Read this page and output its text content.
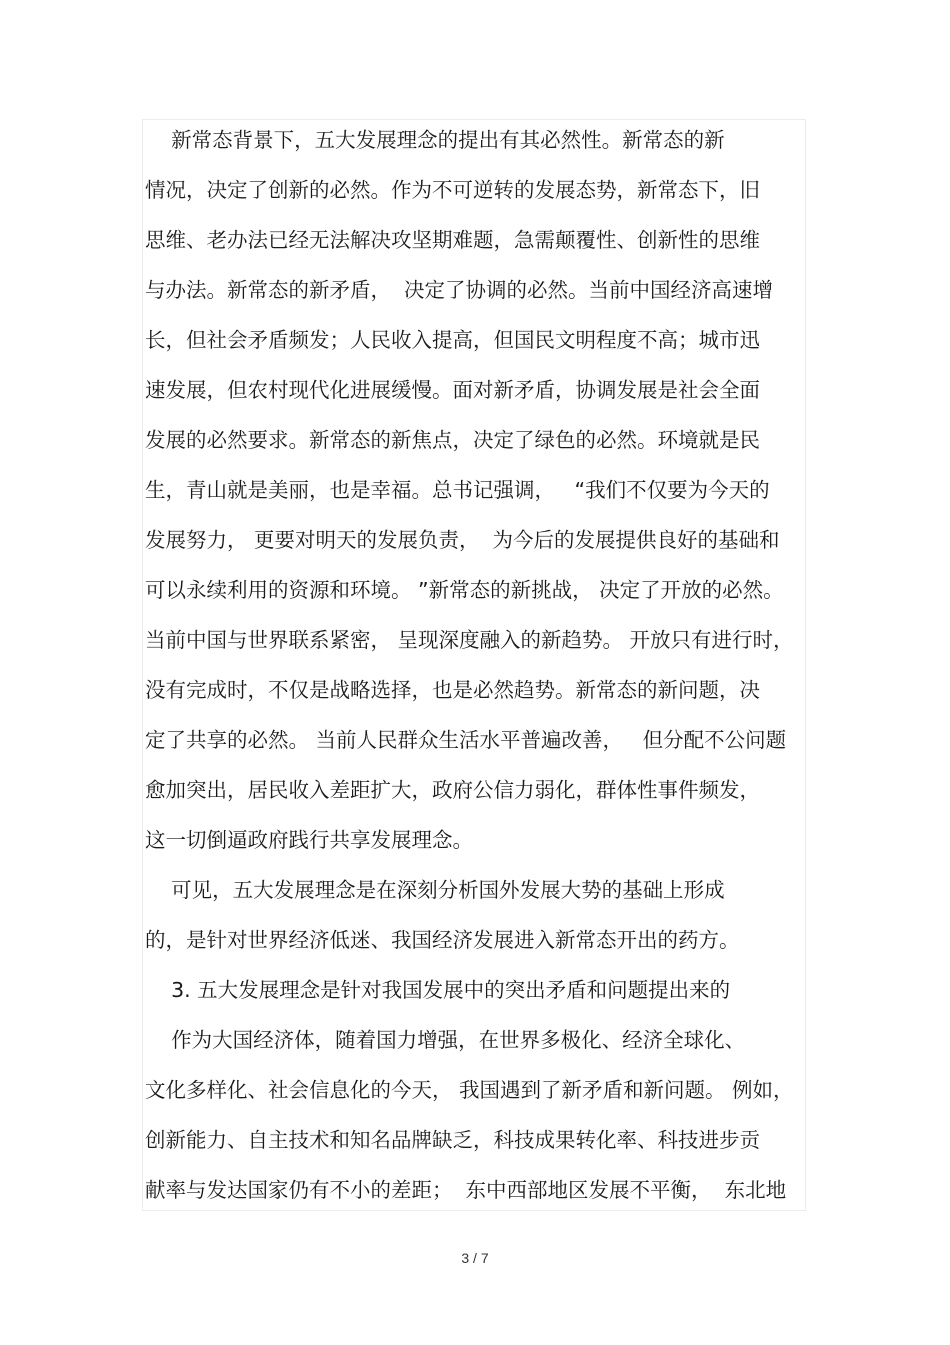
新常态背景下，五大发展理念的提出有其必然性。新常态的新
情况，决定了创新的必然。作为不可逆转的发展态势，新常态下，旧
思维、老办法已经无法解决攻坚期难题，急需颠覆性、创新性的思维
与办法。新常态的新矛盾，  决定了协调的必然。当前中国经济高速增
长，但社会矛盾频发；人民收入提高，但国民文明程度不高；城市迅
速发展，但农村现代化进展缓慢。面对新矛盾，协调发展是社会全面
发展的必然要求。新常态的新焦点，决定了绿色的必然。环境就是民
生，青山就是美丽，也是幸福。总书记强调，   “我们不仅要为今天的
发展努力， 更要对明天的发展负责，  为今后的发展提供良好的基础和
可以永续利用的资源和环境。 ”新常态的新挑战， 决定了开放的必然。
当前中国与世界联系紧密， 呈现深度融入的新趋势。 开放只有进行时，
没有完成时，不仅是战略选择，也是必然趋势。新常态的新问题，决
定了共享的必然。 当前人民群众生活水平普遍改善，   但分配不公问题
愈加突出，居民收入差距扩大，政府公信力弱化，群体性事件频发，
这一切倒逼政府践行共享发展理念。
可见，五大发展理念是在深刻分析国外发展大势的基础上形成
的，是针对世界经济低迷、我国经济发展进入新常态开出的药方。
3. 五大发展理念是针对我国发展中的突出矛盾和问题提出来的
作为大国经济体，随着国力增强，在世界多极化、经济全球化、
文化多样化、社会信息化的今天， 我国遇到了新矛盾和新问题。 例如，
创新能力、自主技术和知名品牌缺乏，科技成果转化率、科技进步贡
献率与发达国家仍有不小的差距；  东中西部地区发展不平衡，  东北地
3 / 7
